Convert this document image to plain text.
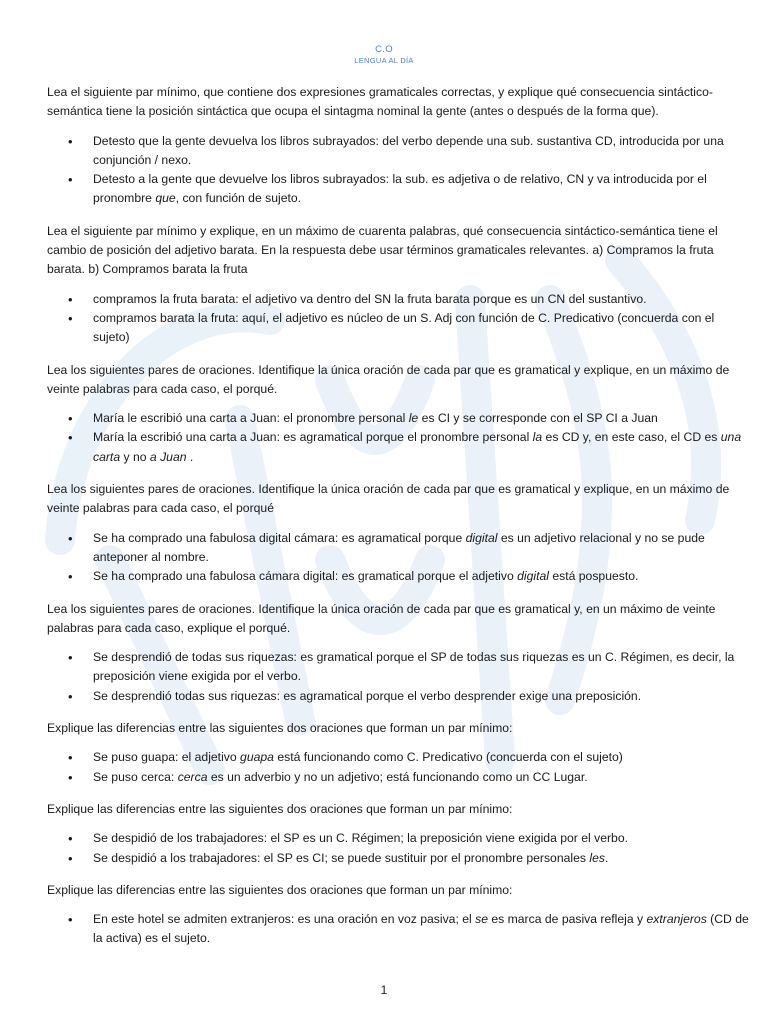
C.O
LENGUA AL DÍA

Lea el siguiente par mínimo, que contiene dos expresiones gramaticales correctas, y explique qué consecuencia sintáctico-semántica tiene la posición sintáctica que ocupa el sintagma nominal la gente (antes o después de la forma que).

• Detesto que la gente devuelva los libros subrayados: del verbo depende una sub. sustantiva CD, introducida por una conjunción / nexo.
• Detesto a la gente que devuelve los libros subrayados: la sub. es adjetiva o de relativo, CN y va introducida por el pronombre que, con función de sujeto.

Lea el siguiente par mínimo y explique, en un máximo de cuarenta palabras, qué consecuencia sintáctico-semántica tiene el cambio de posición del adjetivo barata. En la respuesta debe usar términos gramaticales relevantes. a) Compramos la fruta barata. b) Compramos barata la fruta

• compramos la fruta barata: el adjetivo va dentro del SN la fruta barata porque es un CN del sustantivo.
• compramos barata la fruta: aquí, el adjetivo es núcleo de un S. Adj con función de C. Predicativo (concuerda con el sujeto)

Lea los siguientes pares de oraciones. Identifique la única oración de cada par que es gramatical y explique, en un máximo de veinte palabras para cada caso, el porqué.

• María le escribió una carta a Juan: el pronombre personal le es CI y se corresponde con el SP CI a Juan
• María la escribió una carta a Juan: es agramatical porque el pronombre personal la es CD y, en este caso, el CD es una carta y no a Juan .

Lea los siguientes pares de oraciones. Identifique la única oración de cada par que es gramatical y explique, en un máximo de veinte palabras para cada caso, el porqué

• Se ha comprado una fabulosa digital cámara: es agramatical porque digital es un adjetivo relacional y no se pude anteponer al nombre.
• Se ha comprado una fabulosa cámara digital: es gramatical porque el adjetivo digital está pospuesto.

Lea los siguientes pares de oraciones. Identifique la única oración de cada par que es gramatical y, en un máximo de veinte palabras para cada caso, explique el porqué.

• Se desprendió de todas sus riquezas: es gramatical porque el SP de todas sus riquezas es un C. Régimen, es decir, la preposición viene exigida por el verbo.
• Se desprendió todas sus riquezas: es agramatical porque el verbo desprender exige una preposición.

Explique las diferencias entre las siguientes dos oraciones que forman un par mínimo:

• Se puso guapa: el adjetivo guapa está funcionando como C. Predicativo (concuerda con el sujeto)
• Se puso cerca: cerca es un adverbio y no un adjetivo; está funcionando como un CC Lugar.

Explique las diferencias entre las siguientes dos oraciones que forman un par mínimo:

• Se despidió de los trabajadores: el SP es un C. Régimen; la preposición viene exigida por el verbo.
• Se despidió a los trabajadores: el SP es CI; se puede sustituir por el pronombre personales les.

Explique las diferencias entre las siguientes dos oraciones que forman un par mínimo:

• En este hotel se admiten extranjeros: es una oración en voz pasiva; el se es marca de pasiva refleja y extranjeros (CD de la activa) es el sujeto.
1
